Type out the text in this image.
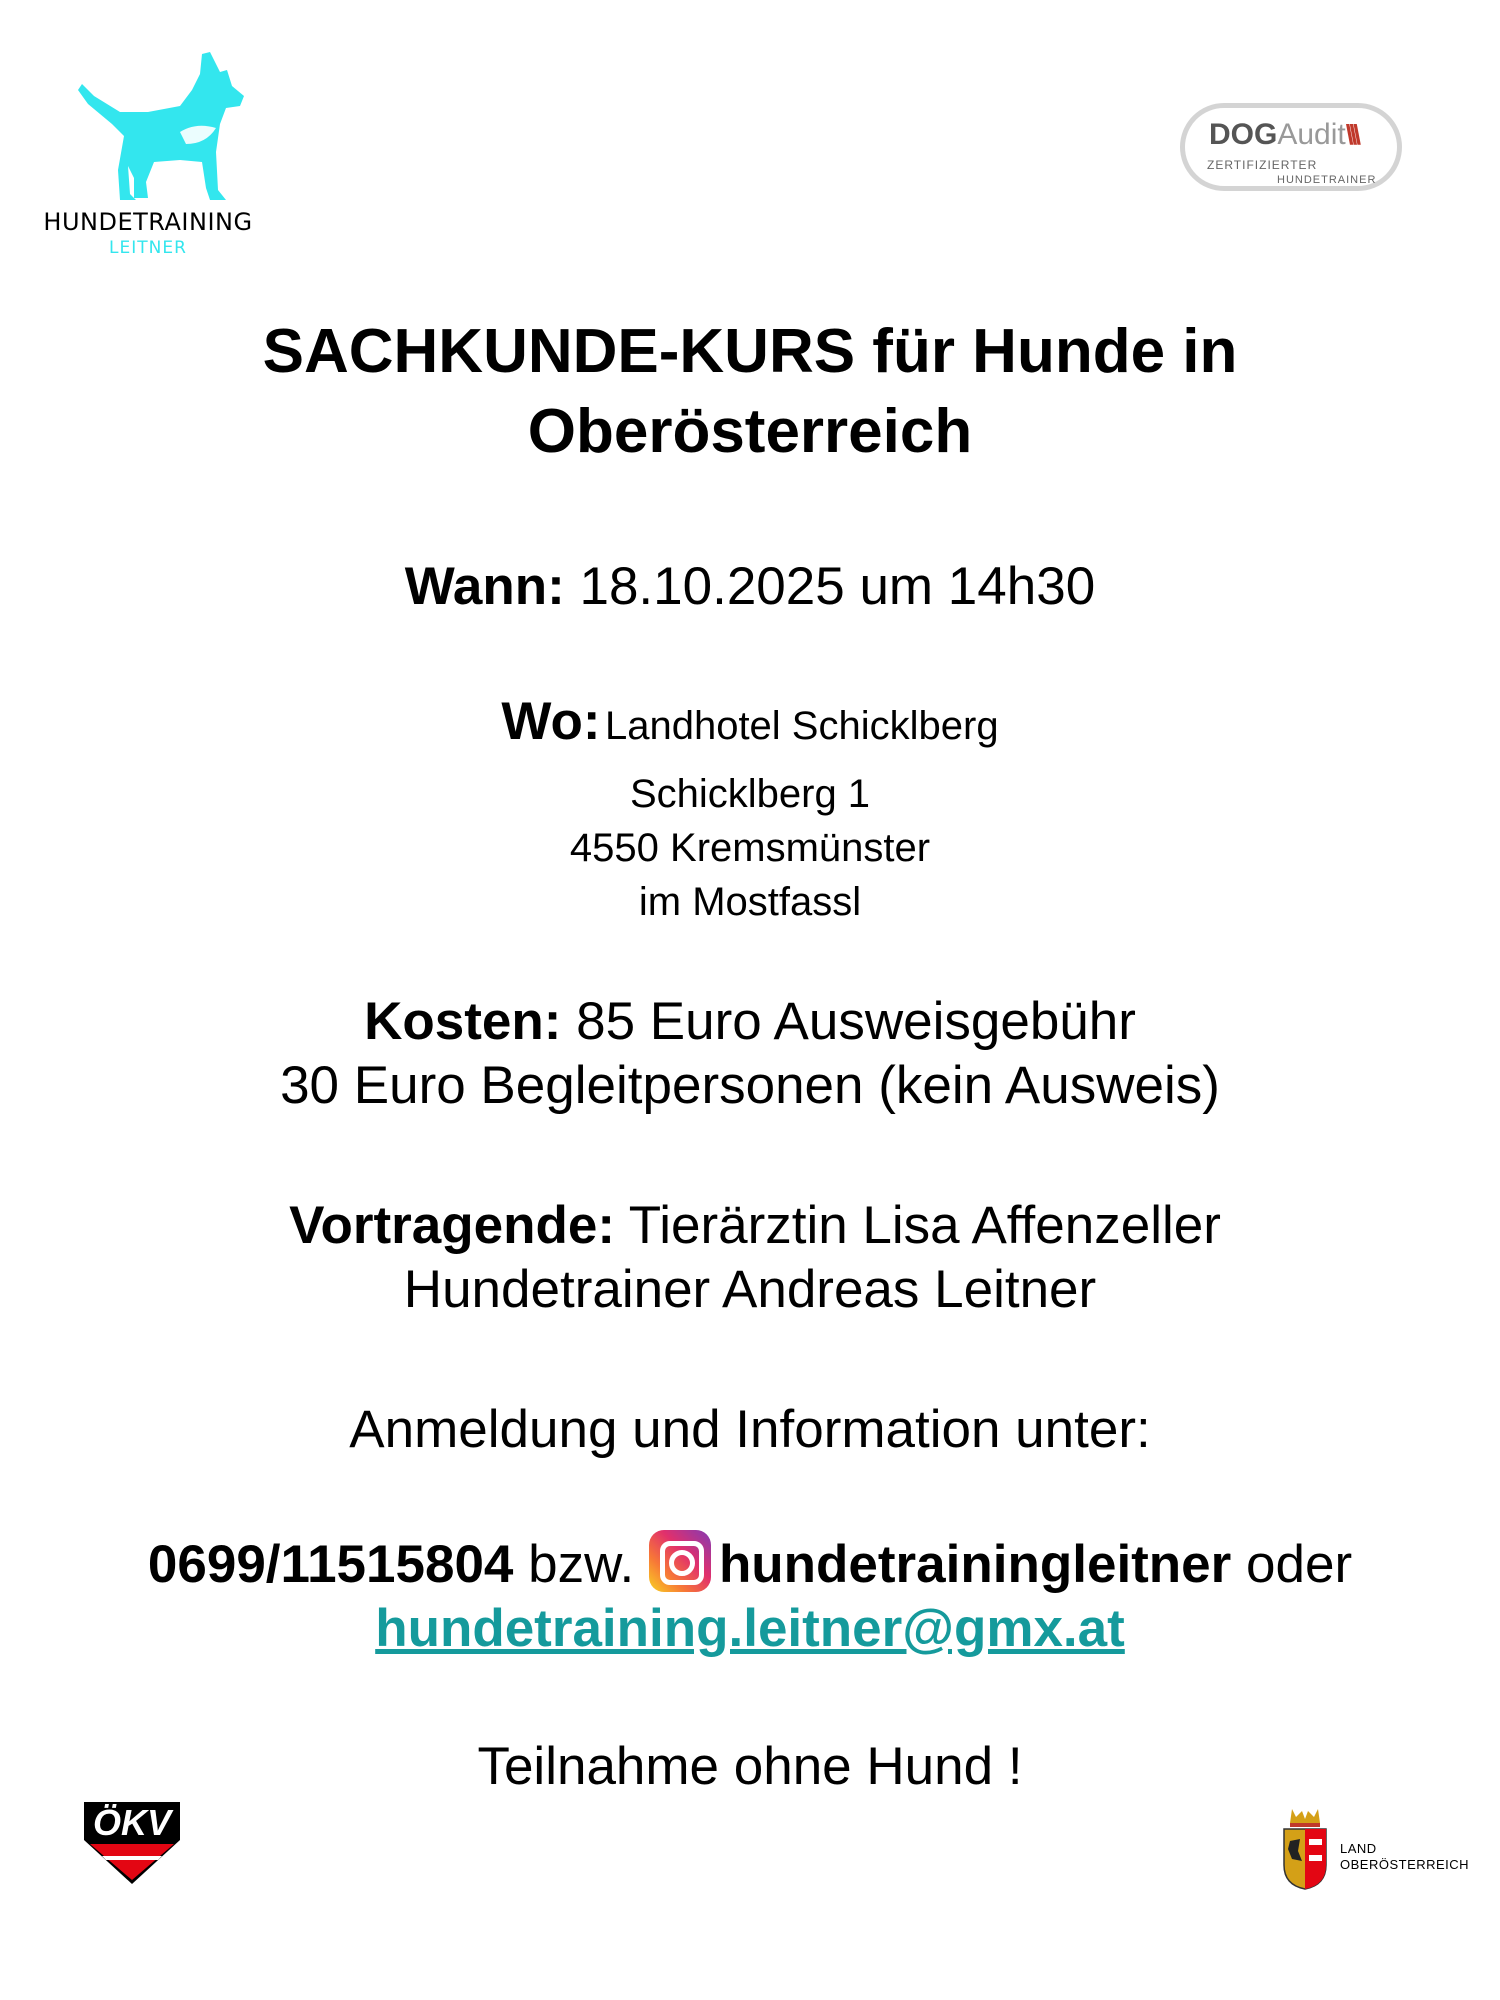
HUNDETRAINING
LEITNER
DOGAudit\\\
ZERTIFIZIERTER
HUNDETRAINER
SACHKUNDE-KURS für Hunde in
Oberösterreich
Wann: 18.10.2025 um 14h30
Wo: Landhotel Schicklberg
Schicklberg 1
4550 Kremsmünster
im Mostfassl
Kosten: 85 Euro Ausweisgebühr
30 Euro Begleitpersonen (kein Ausweis)
Vortragende: Tierärztin Lisa Affenzeller
Hundetrainer Andreas Leitner
Anmeldung und Information unter:
0699/11515804 bzw. hundetrainingleitner oder
hundetraining.leitner@gmx.at
Teilnahme ohne Hund !
ÖKV
LAND
OBERÖSTERREICH
